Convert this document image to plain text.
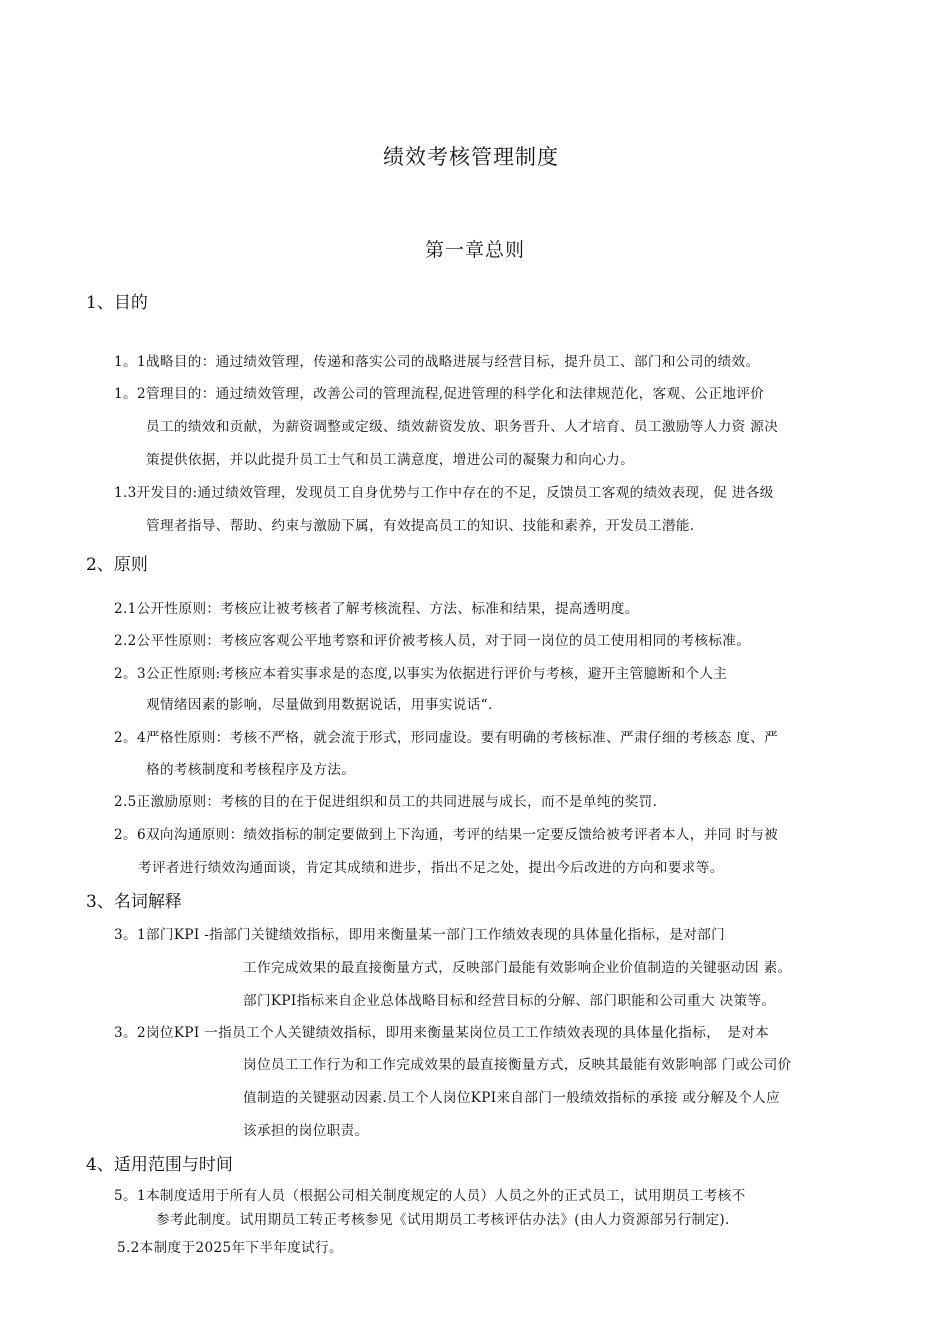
绩效考核管理制度
第一章总则
1、目的
1。1战略目的：通过绩效管理，传递和落实公司的战略进展与经营目标，提升员工、部门和公司的绩效。
1。2管理目的：通过绩效管理，改善公司的管理流程,促进管理的科学化和法律规范化，客观、公正地评价
员工的绩效和贡献，为薪资调整或定级、绩效薪资发放、职务晋升、人才培育、员工激励等人力资 源决
策提供依据，并以此提升员工士气和员工满意度，增进公司的凝聚力和向心力。
1.3开发目的:通过绩效管理，发现员工自身优势与工作中存在的不足，反馈员工客观的绩效表现，促 进各级
管理者指导、帮助、约束与激励下属，有效提高员工的知识、技能和素养，开发员工潜能.
2、原则
2.1公开性原则：考核应让被考核者了解考核流程、方法、标准和结果，提高透明度。
2.2公平性原则：考核应客观公平地考察和评价被考核人员，对于同一岗位的员工使用相同的考核标准。
2。3公正性原则:考核应本着实事求是的态度,以事实为依据进行评价与考核，避开主管臆断和个人主
观情绪因素的影响，尽量做到用数据说话，用事实说话“.
2。4严格性原则：考核不严格，就会流于形式，形同虚设。要有明确的考核标准、严肃仔细的考核态 度、严
格的考核制度和考核程序及方法。
2.5正激励原则：考核的目的在于促进组织和员工的共同进展与成长，而不是单纯的奖罚.
2。6双向沟通原则：绩效指标的制定要做到上下沟通，考评的结果一定要反馈给被考评者本人，并同 时与被
考评者进行绩效沟通面谈，肯定其成绩和进步，指出不足之处，提出今后改进的方向和要求等。
3、名词解释
3。1部门KPI -指部门关键绩效指标，即用来衡量某一部门工作绩效表现的具体量化指标，是对部门
工作完成效果的最直接衡量方式，反映部门最能有效影响企业价值制造的关键驱动因 素。
部门KPI指标来自企业总体战略目标和经营目标的分解、部门职能和公司重大 决策等。
3。2岗位KPI 一指员工个人关键绩效指标，即用来衡量某岗位员工工作绩效表现的具体量化指标，　是对本
岗位员工工作行为和工作完成效果的最直接衡量方式，反映其最能有效影响部 门或公司价
值制造的关键驱动因素.员工个人岗位KPI来自部门一般绩效指标的承接 或分解及个人应
该承担的岗位职责。
4、适用范围与时间
5。1本制度适用于所有人员（根据公司相关制度规定的人员）人员之外的正式员工，试用期员工考核不
参考此制度。试用期员工转正考核参见《试用期员工考核评估办法》(由人力资源部另行制定).
5.2本制度于2025年下半年度试行。
